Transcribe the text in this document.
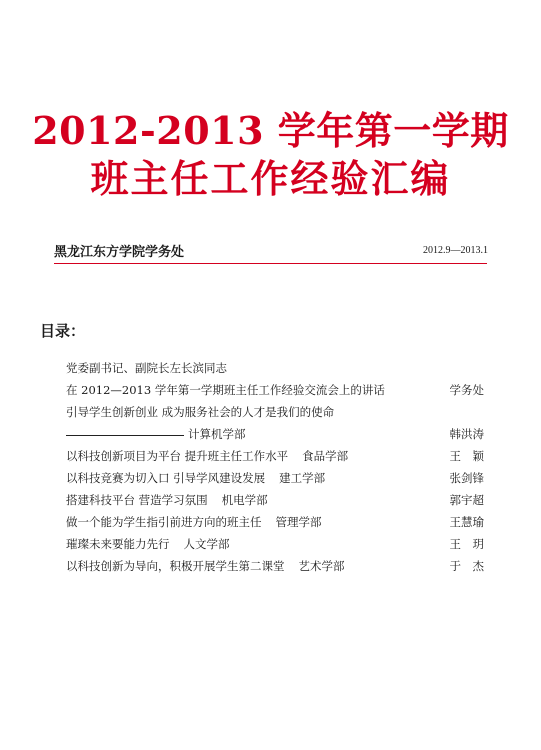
2012-2013 学年第一学期
班主任工作经验汇编
黑龙江东方学院学务处	2012.9—2013.1
目录：
党委副书记、副院长左长滨同志
在 2012—2013 学年第一学期班主任工作经验交流会上的讲话	学务处
引导学生创新创业 成为服务社会的人才是我们的使命
计算机学部	韩洪涛
以科技创新项目为平台 提升班主任工作水平 食品学部	王　颖
以科技竞赛为切入口 引导学风建设发展 建工学部	张剑锋
搭建科技平台 营造学习氛围 机电学部	郭宇超
做一个能为学生指引前进方向的班主任 管理学部	王慧瑜
璀璨未来要能力先行 人文学部	王　玥
以科技创新为导向，积极开展学生第二课堂 艺术学部	于　杰
